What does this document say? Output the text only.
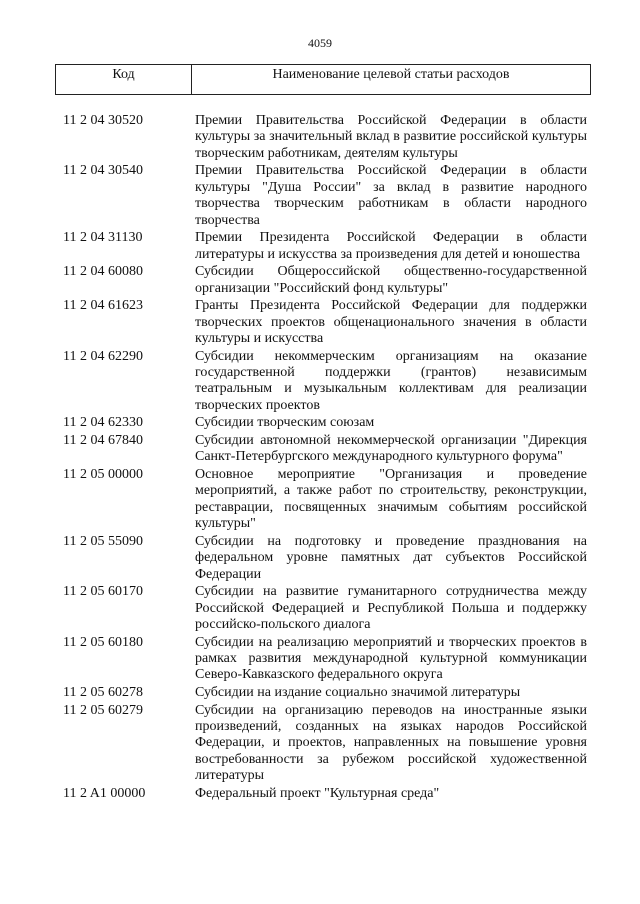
4059
Код	Наименование целевой статьи расходов
11 2 04 30520	Премии Правительства Российской Федерации в области культуры за значительный вклад в развитие российской культуры творческим работникам, деятелям культуры
11 2 04 30540	Премии Правительства Российской Федерации в области культуры "Душа России" за вклад в развитие народного творчества творческим работникам в области народного творчества
11 2 04 31130	Премии Президента Российской Федерации в области литературы и искусства за произведения для детей и юношества
11 2 04 60080	Субсидии Общероссийской общественно-государственной организации "Российский фонд культуры"
11 2 04 61623	Гранты Президента Российской Федерации для поддержки творческих проектов общенационального значения в области культуры и искусства
11 2 04 62290	Субсидии некоммерческим организациям на оказание государственной поддержки (грантов) независимым театральным и музыкальным коллективам для реализации творческих проектов
11 2 04 62330	Субсидии творческим союзам
11 2 04 67840	Субсидии автономной некоммерческой организации "Дирекция Санкт-Петербургского международного культурного форума"
11 2 05 00000	Основное мероприятие "Организация и проведение мероприятий, а также работ по строительству, реконструкции, реставрации, посвященных значимым событиям российской культуры"
11 2 05 55090	Субсидии на подготовку и проведение празднования на федеральном уровне памятных дат субъектов Российской Федерации
11 2 05 60170	Субсидии на развитие гуманитарного сотрудничества между Российской Федерацией и Республикой Польша и поддержку российско-польского диалога
11 2 05 60180	Субсидии на реализацию мероприятий и творческих проектов в рамках развития международной культурной коммуникации Северо-Кавказского федерального округа
11 2 05 60278	Субсидии на издание социально значимой литературы
11 2 05 60279	Субсидии на организацию переводов на иностранные языки произведений, созданных на языках народов Российской Федерации, и проектов, направленных на повышение уровня востребованности за рубежом российской художественной литературы
11 2 A1 00000	Федеральный проект "Культурная среда"
